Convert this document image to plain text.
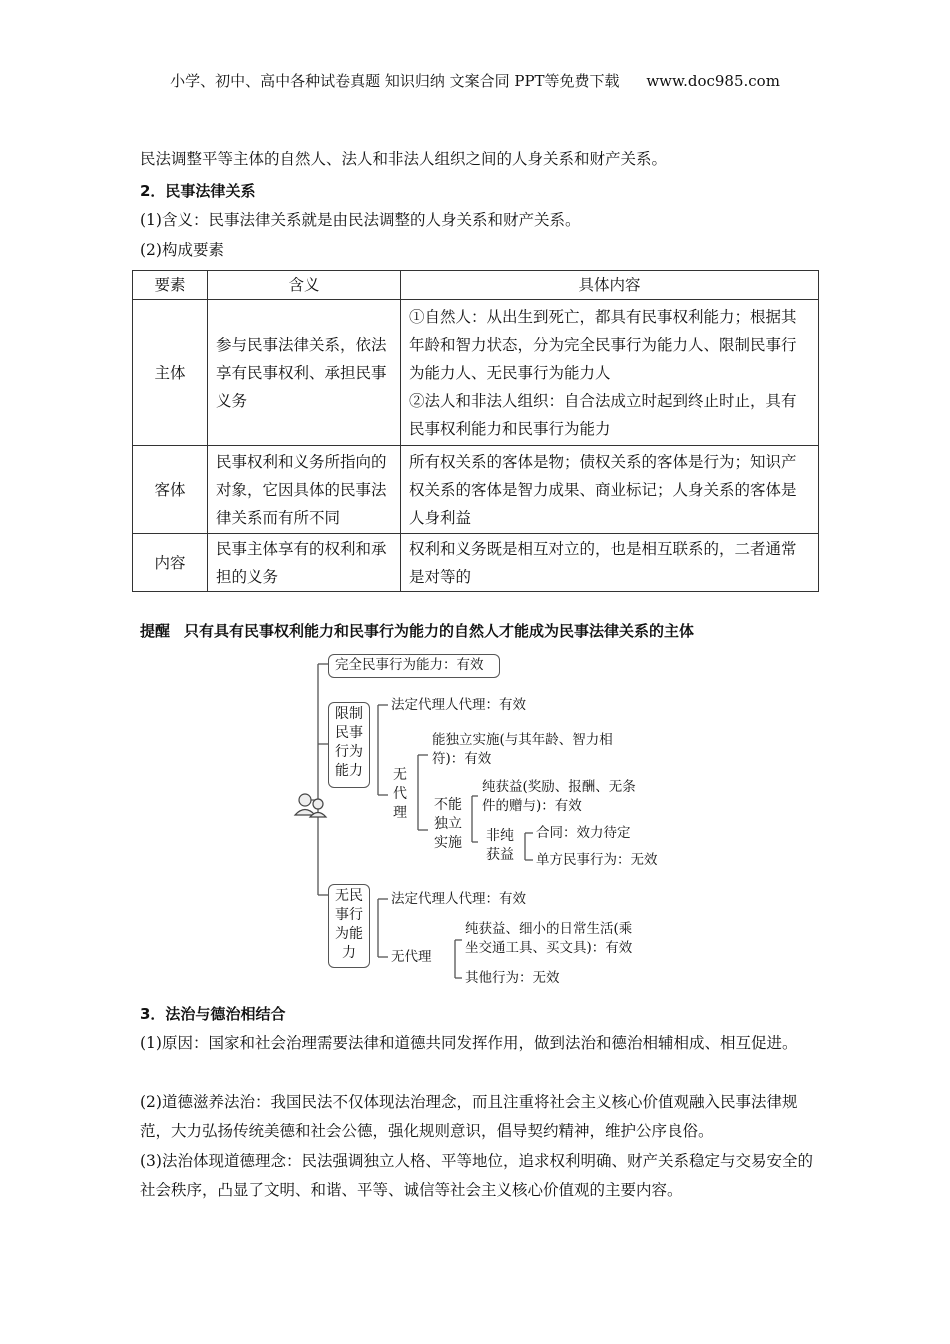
小学、初中、高中各种试卷真题 知识归纳 文案合同 PPT等免费下载 www.doc985.com
民法调整平等主体的自然人、法人和非法人组织之间的人身关系和财产关系。
2．民事法律关系
(1)含义：民事法律关系就是由民法调整的人身关系和财产关系。
(2)构成要素
要素	含义	具体内容
主体	参与民事法律关系，依法享有民事权利、承担民事义务	①自然人：从出生到死亡，都具有民事权利能力；根据其年龄和智力状态，分为完全民事行为能力人、限制民事行为能力人、无民事行为能力人
②法人和非法人组织：自合法成立时起到终止时止，具有民事权利能力和民事行为能力

客体	民事权利和义务所指向的对象，它因具体的民事法律关系而有所不同	所有权关系的客体是物；债权关系的客体是行为；知识产权关系的客体是智力成果、商业标记；人身关系的客体是人身利益
内容	民事主体享有的权利和承担的义务	权利和义务既是相互对立的，也是相互联系的，二者通常是对等的
提醒 只有具有民事权利能力和民事行为能力的自然人才能成为民事法律关系的主体
完全民事行为能力：有效
限制
民事
行为
能力
法定代理人代理：有效
无
代
理
能独立实施(与其年龄、智力相
符)：有效
不能
独立
实施
纯获益(奖励、报酬、无条
件的赠与)：有效
非纯
获益
合同：效力待定
单方民事行为：无效
无民
事行
为能
力
法定代理人代理：有效
无代理
纯获益、细小的日常生活(乘
坐交通工具、买文具)：有效
其他行为：无效
3．法治与德治相结合
(1)原因：国家和社会治理需要法律和道德共同发挥作用，做到法治和德治相辅相成、相互促进。
(2)道德滋养法治：我国民法不仅体现法治理念，而且注重将社会主义核心价值观融入民事法律规范，大力弘扬传统美德和社会公德，强化规则意识，倡导契约精神，维护公序良俗。
(3)法治体现道德理念：民法强调独立人格、平等地位，追求权利明确、财产关系稳定与交易安全的社会秩序，凸显了文明、和谐、平等、诚信等社会主义核心价值观的主要内容。
